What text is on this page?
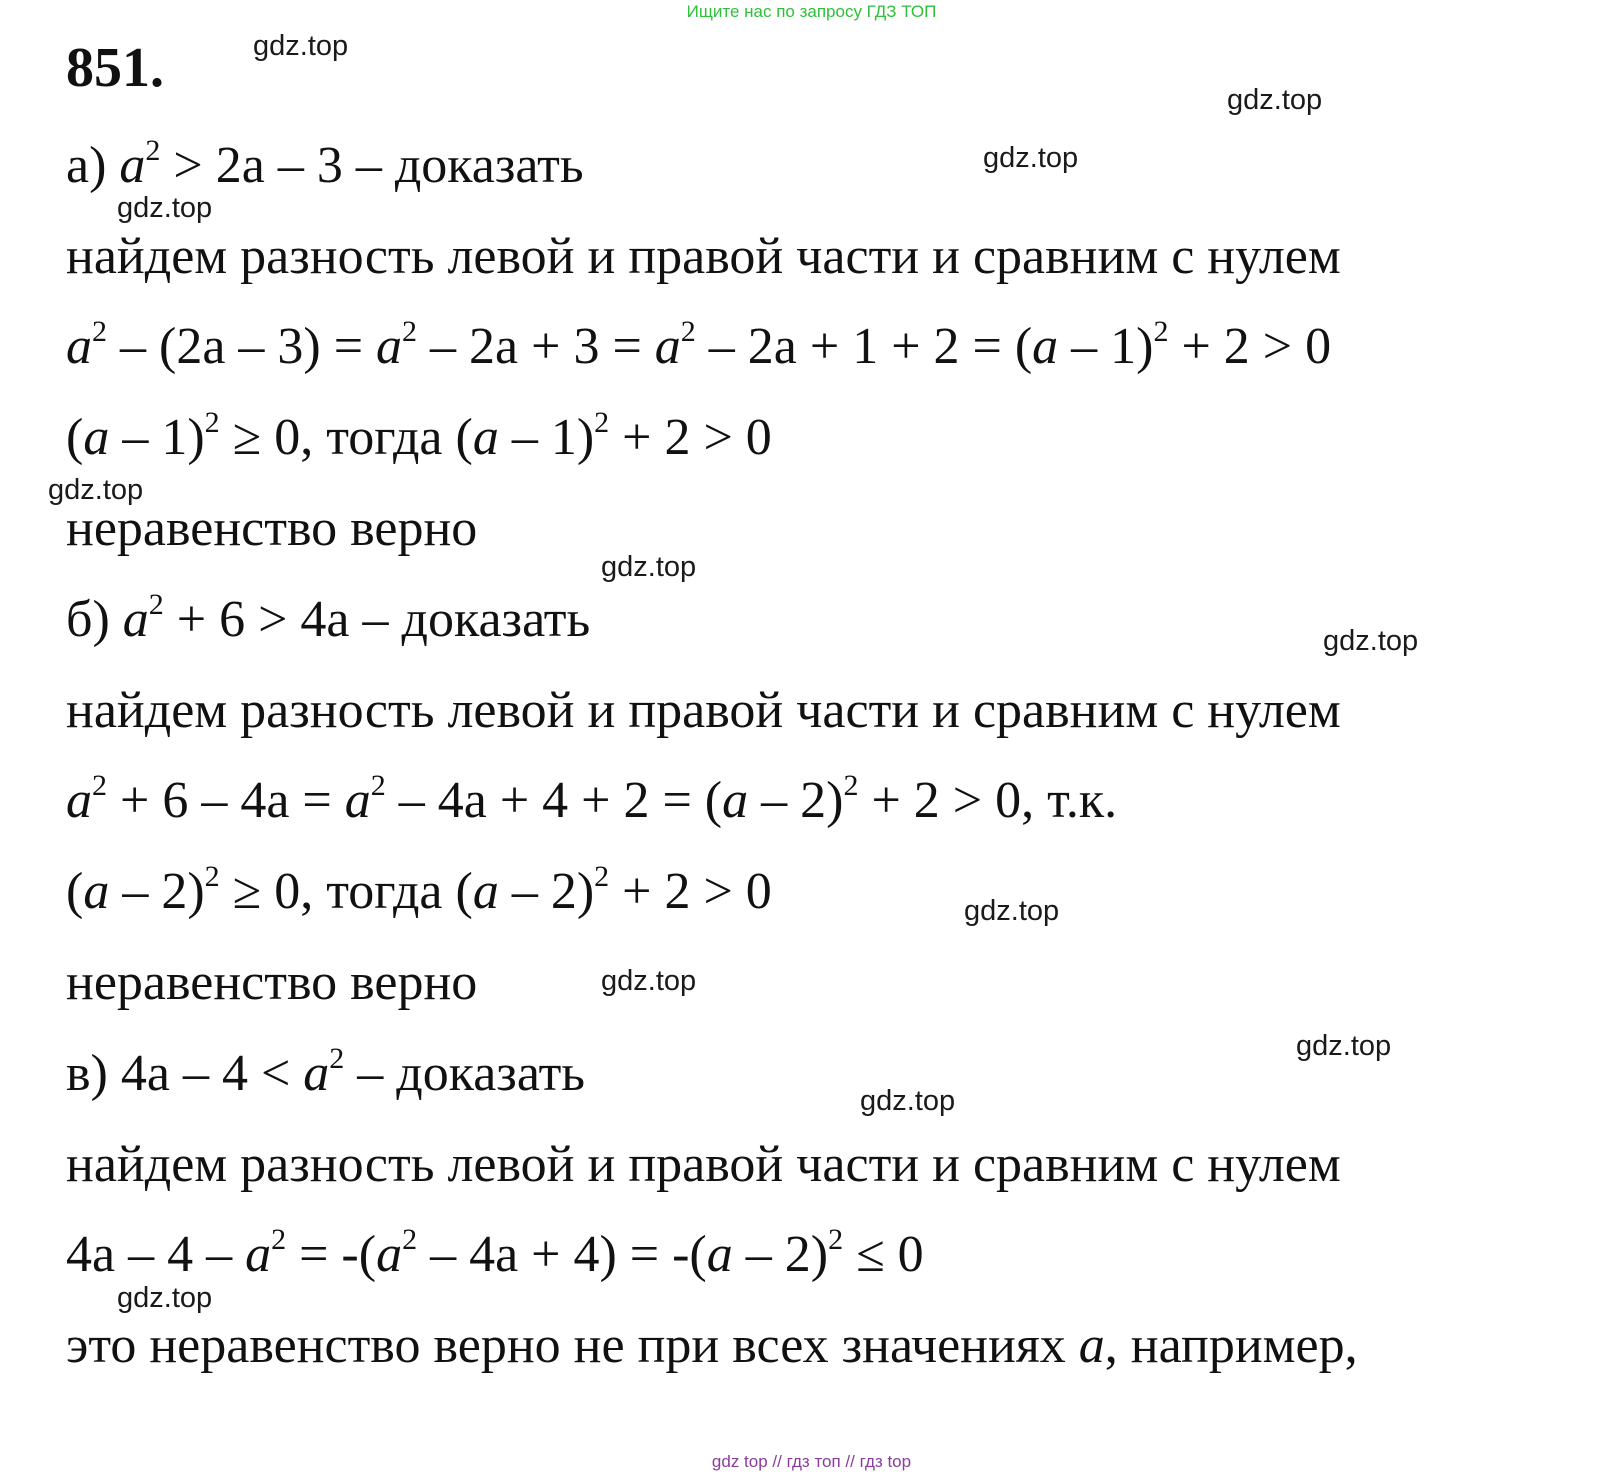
Ищите нас по запросу ГДЗ ТОП
851.
а) $a^2 > 2a - 3$ – доказать
найдем разность левой и правой части и сравним с нулем
$a^2 - (2a - 3) = a^2 - 2a + 3 = a^2 - 2a + 1 + 2 = (a - 1)^2 + 2 > 0$
(a – 1)$^2$ ≥ 0, тогда (a – 1)$^2$ + 2 > 0
неравенство верно
б) $a^2 + 6 > 4a$ – доказать
найдем разность левой и правой части и сравним с нулем
$a^2 + 6 - 4a = a^2 - 4a + 4 + 2 = (a - 2)^2 + 2 > 0$, т.к.
(a – 2)$^2$ ≥ 0, тогда (a – 2)$^2$ + 2 > 0
неравенство верно
в) $4a - 4 < a^2$ – доказать
найдем разность левой и правой части и сравним с нулем
$4a - 4 - a^2 = -(a^2 - 4a + 4) = -(a - 2)^2 \le 0$
это неравенство верно не при всех значениях a, например,
gdz.top
gdz.top
gdz.top
gdz.top
gdz.top
gdz.top
gdz.top
gdz.top
gdz.top
gdz.top
gdz.top
gdz.top
gdz top // гдз топ // гдз top
